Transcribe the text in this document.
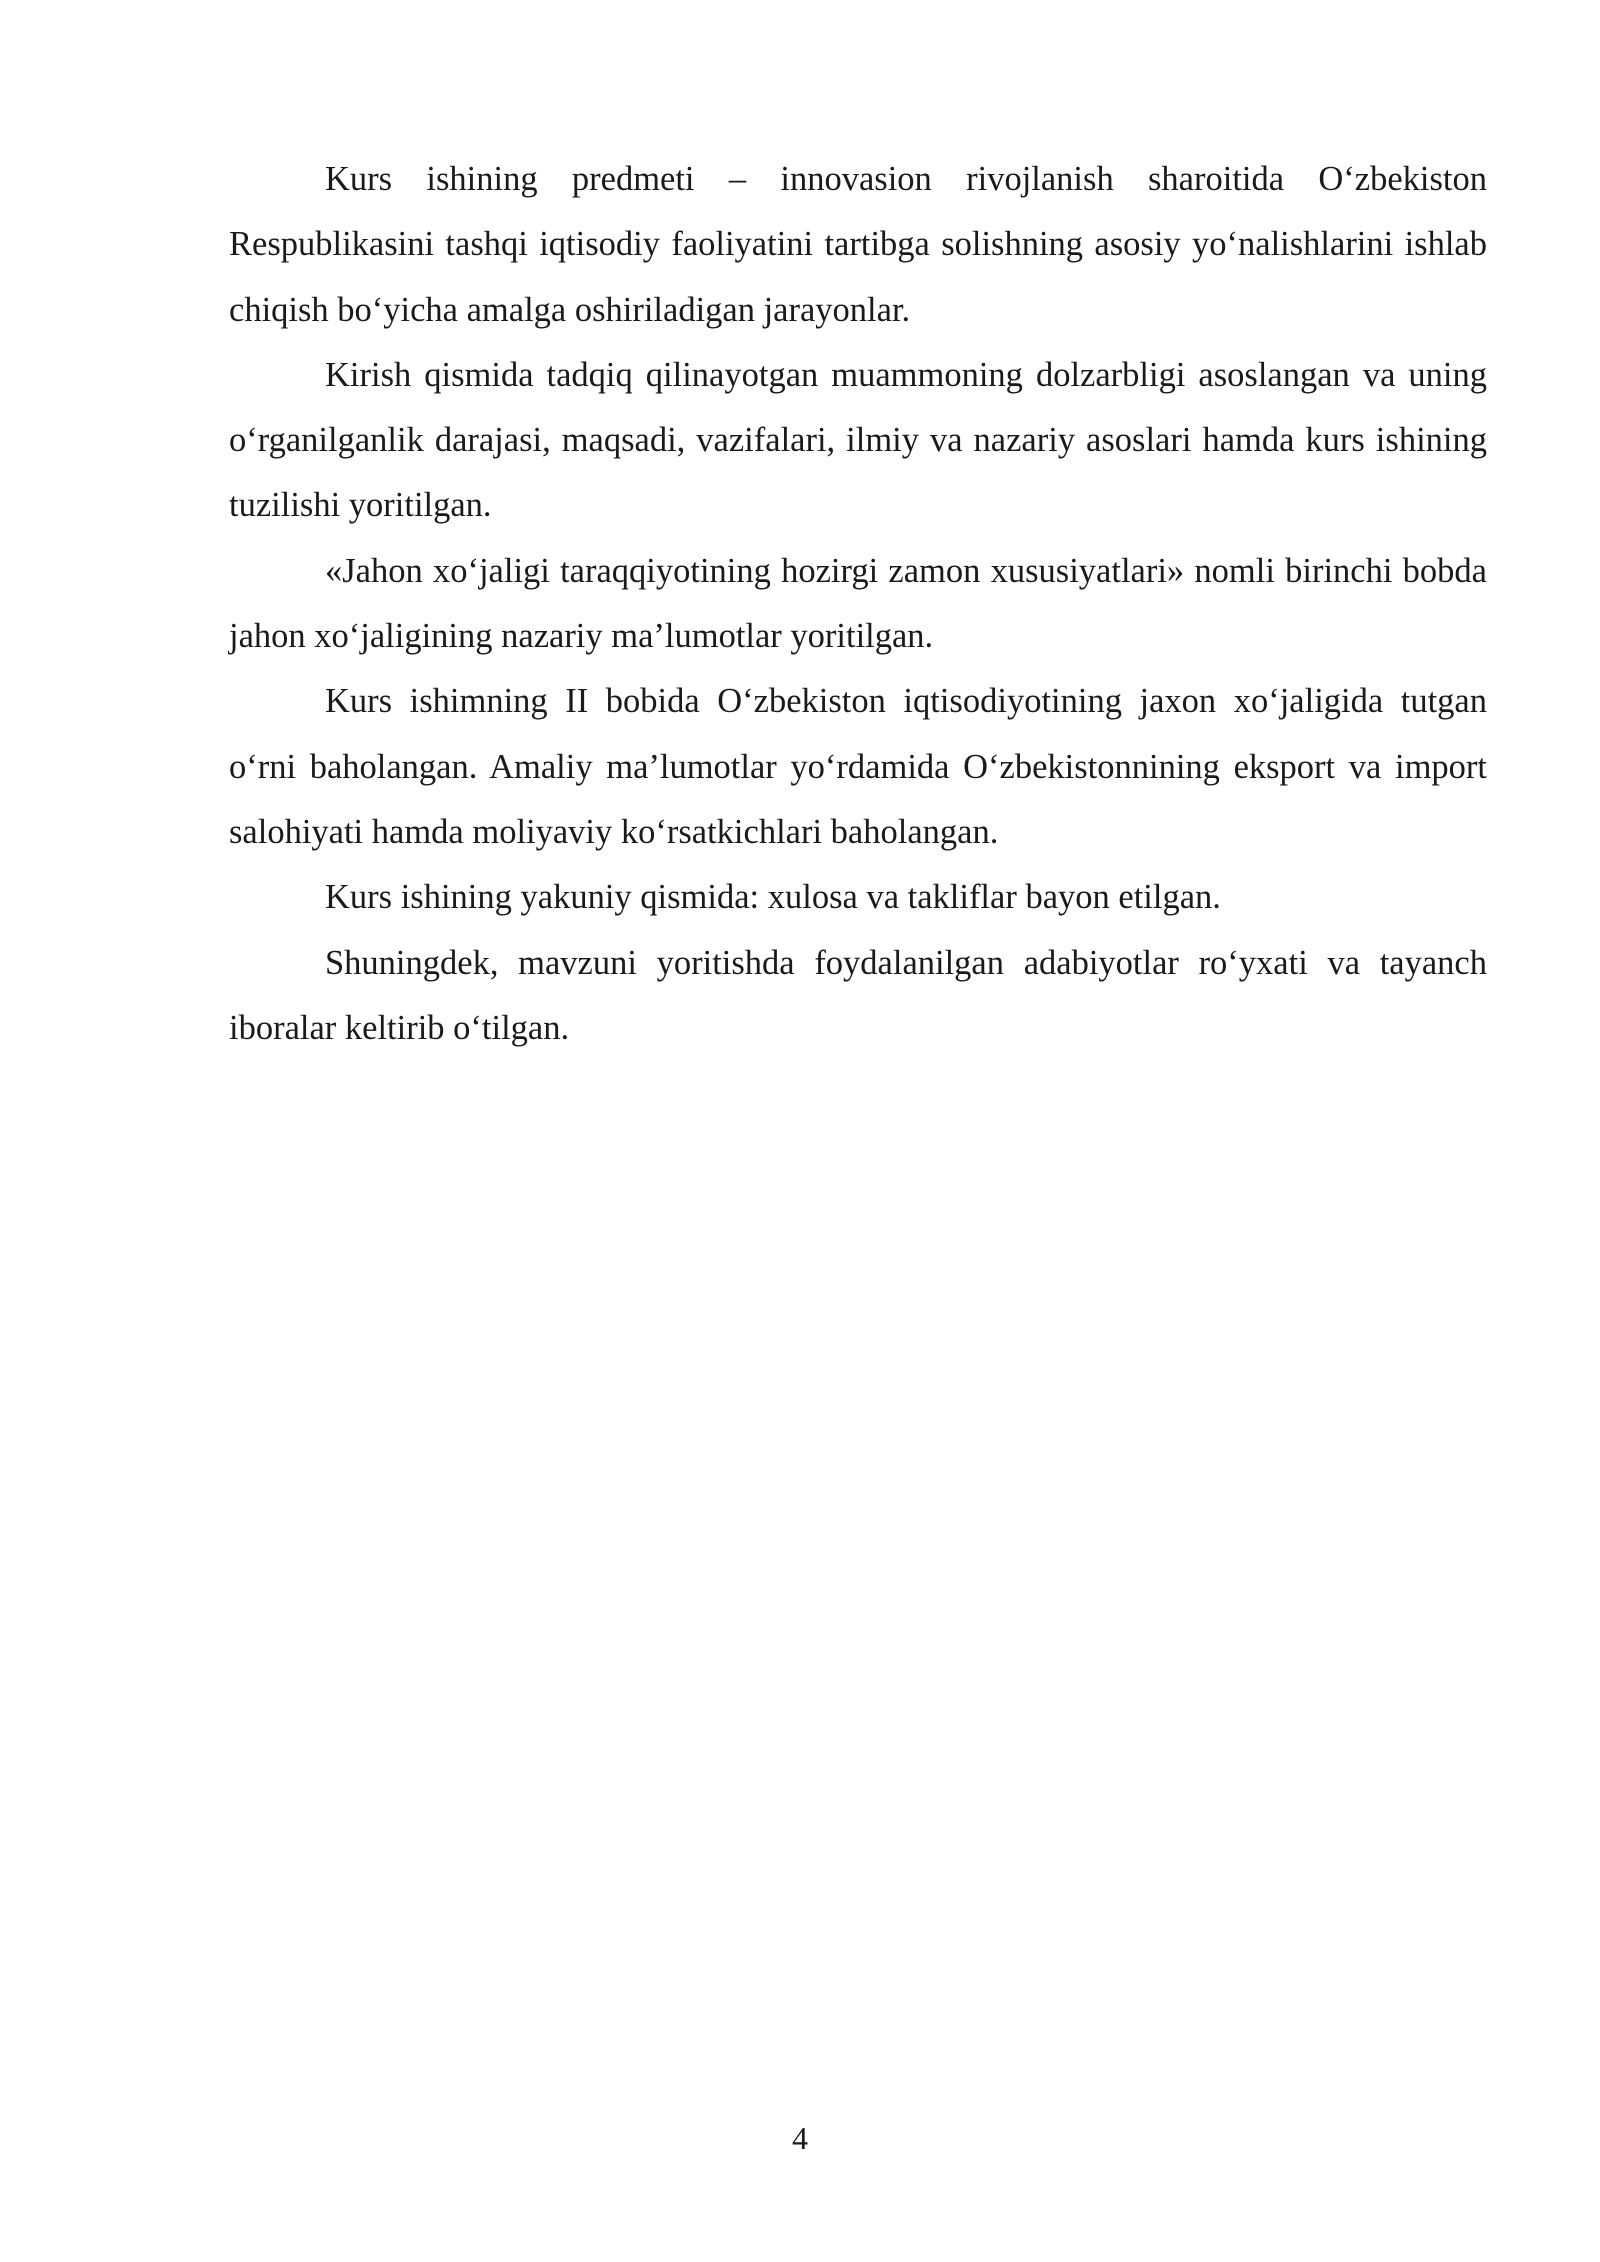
Kurs ishining predmeti – innovasion rivojlanish sharoitida O‘zbekiston Respublikasini tashqi iqtisodiy faoliyatini tartibga solishning asosiy yo‘nalishlarini ishlab chiqish bo‘yicha amalga oshiriladigan jarayonlar.

Kirish qismida tadqiq qilinayotgan muammoning dolzarbligi asoslangan va uning o‘rganilganlik darajasi, maqsadi, vazifalari, ilmiy va nazariy asoslari hamda kurs ishining tuzilishi yoritilgan.

«Jahon xo‘jaligi taraqqiyotining hozirgi zamon xususiyatlari» nomli birinchi bobda jahon xo‘jaligining nazariy ma’lumotlar yoritilgan.

Kurs ishimning II bobida O‘zbekiston iqtisodiyotining jaxon xo‘jaligida tutgan o‘rni baholangan. Amaliy ma’lumotlar yo‘rdamida O‘zbekistonnining eksport va import salohiyati hamda moliyaviy ko‘rsatkichlari baholangan.

Kurs ishining yakuniy qismida: xulosa va takliflar bayon etilgan.

Shuningdek, mavzuni yoritishda foydalanilgan adabiyotlar ro‘yxati va tayanch iboralar keltirib o‘tilgan.

4
